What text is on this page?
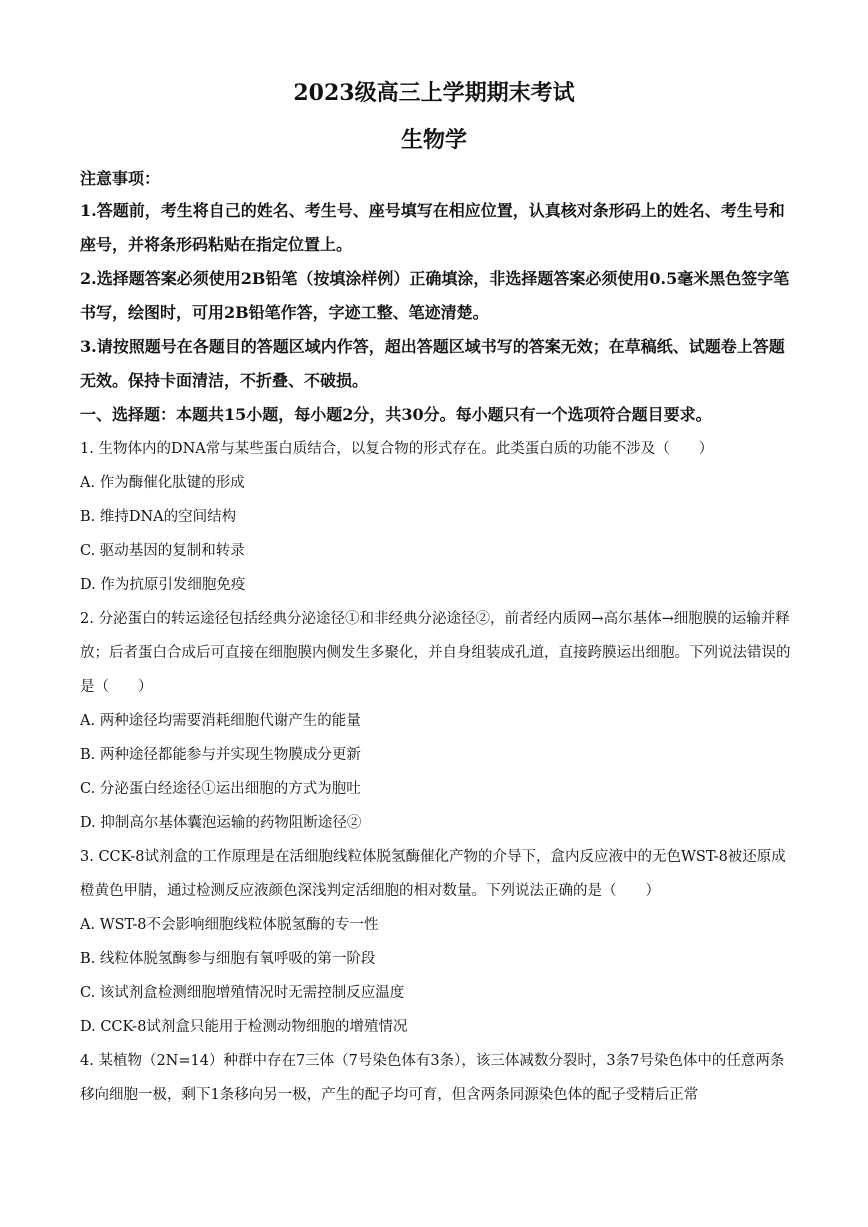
2023级高三上学期期末考试
生物学
注意事项：
1.答题前，考生将自己的姓名、考生号、座号填写在相应位置，认真核对条形码上的姓名、考生号和座号，并将条形码粘贴在指定位置上。
2.选择题答案必须使用2B铅笔（按填涂样例）正确填涂，非选择题答案必须使用0.5毫米黑色签字笔书写，绘图时，可用2B铅笔作答，字迹工整、笔迹清楚。
3.请按照题号在各题目的答题区域内作答，超出答题区域书写的答案无效；在草稿纸、试题卷上答题无效。保持卡面清洁，不折叠、不破损。
一、选择题：本题共15小题，每小题2分，共30分。每小题只有一个选项符合题目要求。
1. 生物体内的DNA常与某些蛋白质结合，以复合物的形式存在。此类蛋白质的功能不涉及（　　）
A. 作为酶催化肽键的形成
B. 维持DNA的空间结构
C. 驱动基因的复制和转录
D. 作为抗原引发细胞免疫
2. 分泌蛋白的转运途径包括经典分泌途径①和非经典分泌途径②，前者经内质网→高尔基体→细胞膜的运输并释放；后者蛋白合成后可直接在细胞膜内侧发生多聚化，并自身组装成孔道，直接跨膜运出细胞。下列说法错误的是（　　）
A. 两种途径均需要消耗细胞代谢产生的能量
B. 两种途径都能参与并实现生物膜成分更新
C. 分泌蛋白经途径①运出细胞的方式为胞吐
D. 抑制高尔基体囊泡运输的药物阻断途径②
3. CCK-8试剂盒的工作原理是在活细胞线粒体脱氢酶催化产物的介导下，盒内反应液中的无色WST-8被还原成橙黄色甲腈，通过检测反应液颜色深浅判定活细胞的相对数量。下列说法正确的是（　　）
A. WST-8不会影响细胞线粒体脱氢酶的专一性
B. 线粒体脱氢酶参与细胞有氧呼吸的第一阶段
C. 该试剂盒检测细胞增殖情况时无需控制反应温度
D. CCK-8试剂盒只能用于检测动物细胞的增殖情况
4. 某植物（2N=14）种群中存在7三体（7号染色体有3条），该三体减数分裂时，3条7号染色体中的任意两条移向细胞一极，剩下1条移向另一极，产生的配子均可育，但含两条同源染色体的配子受精后正常
